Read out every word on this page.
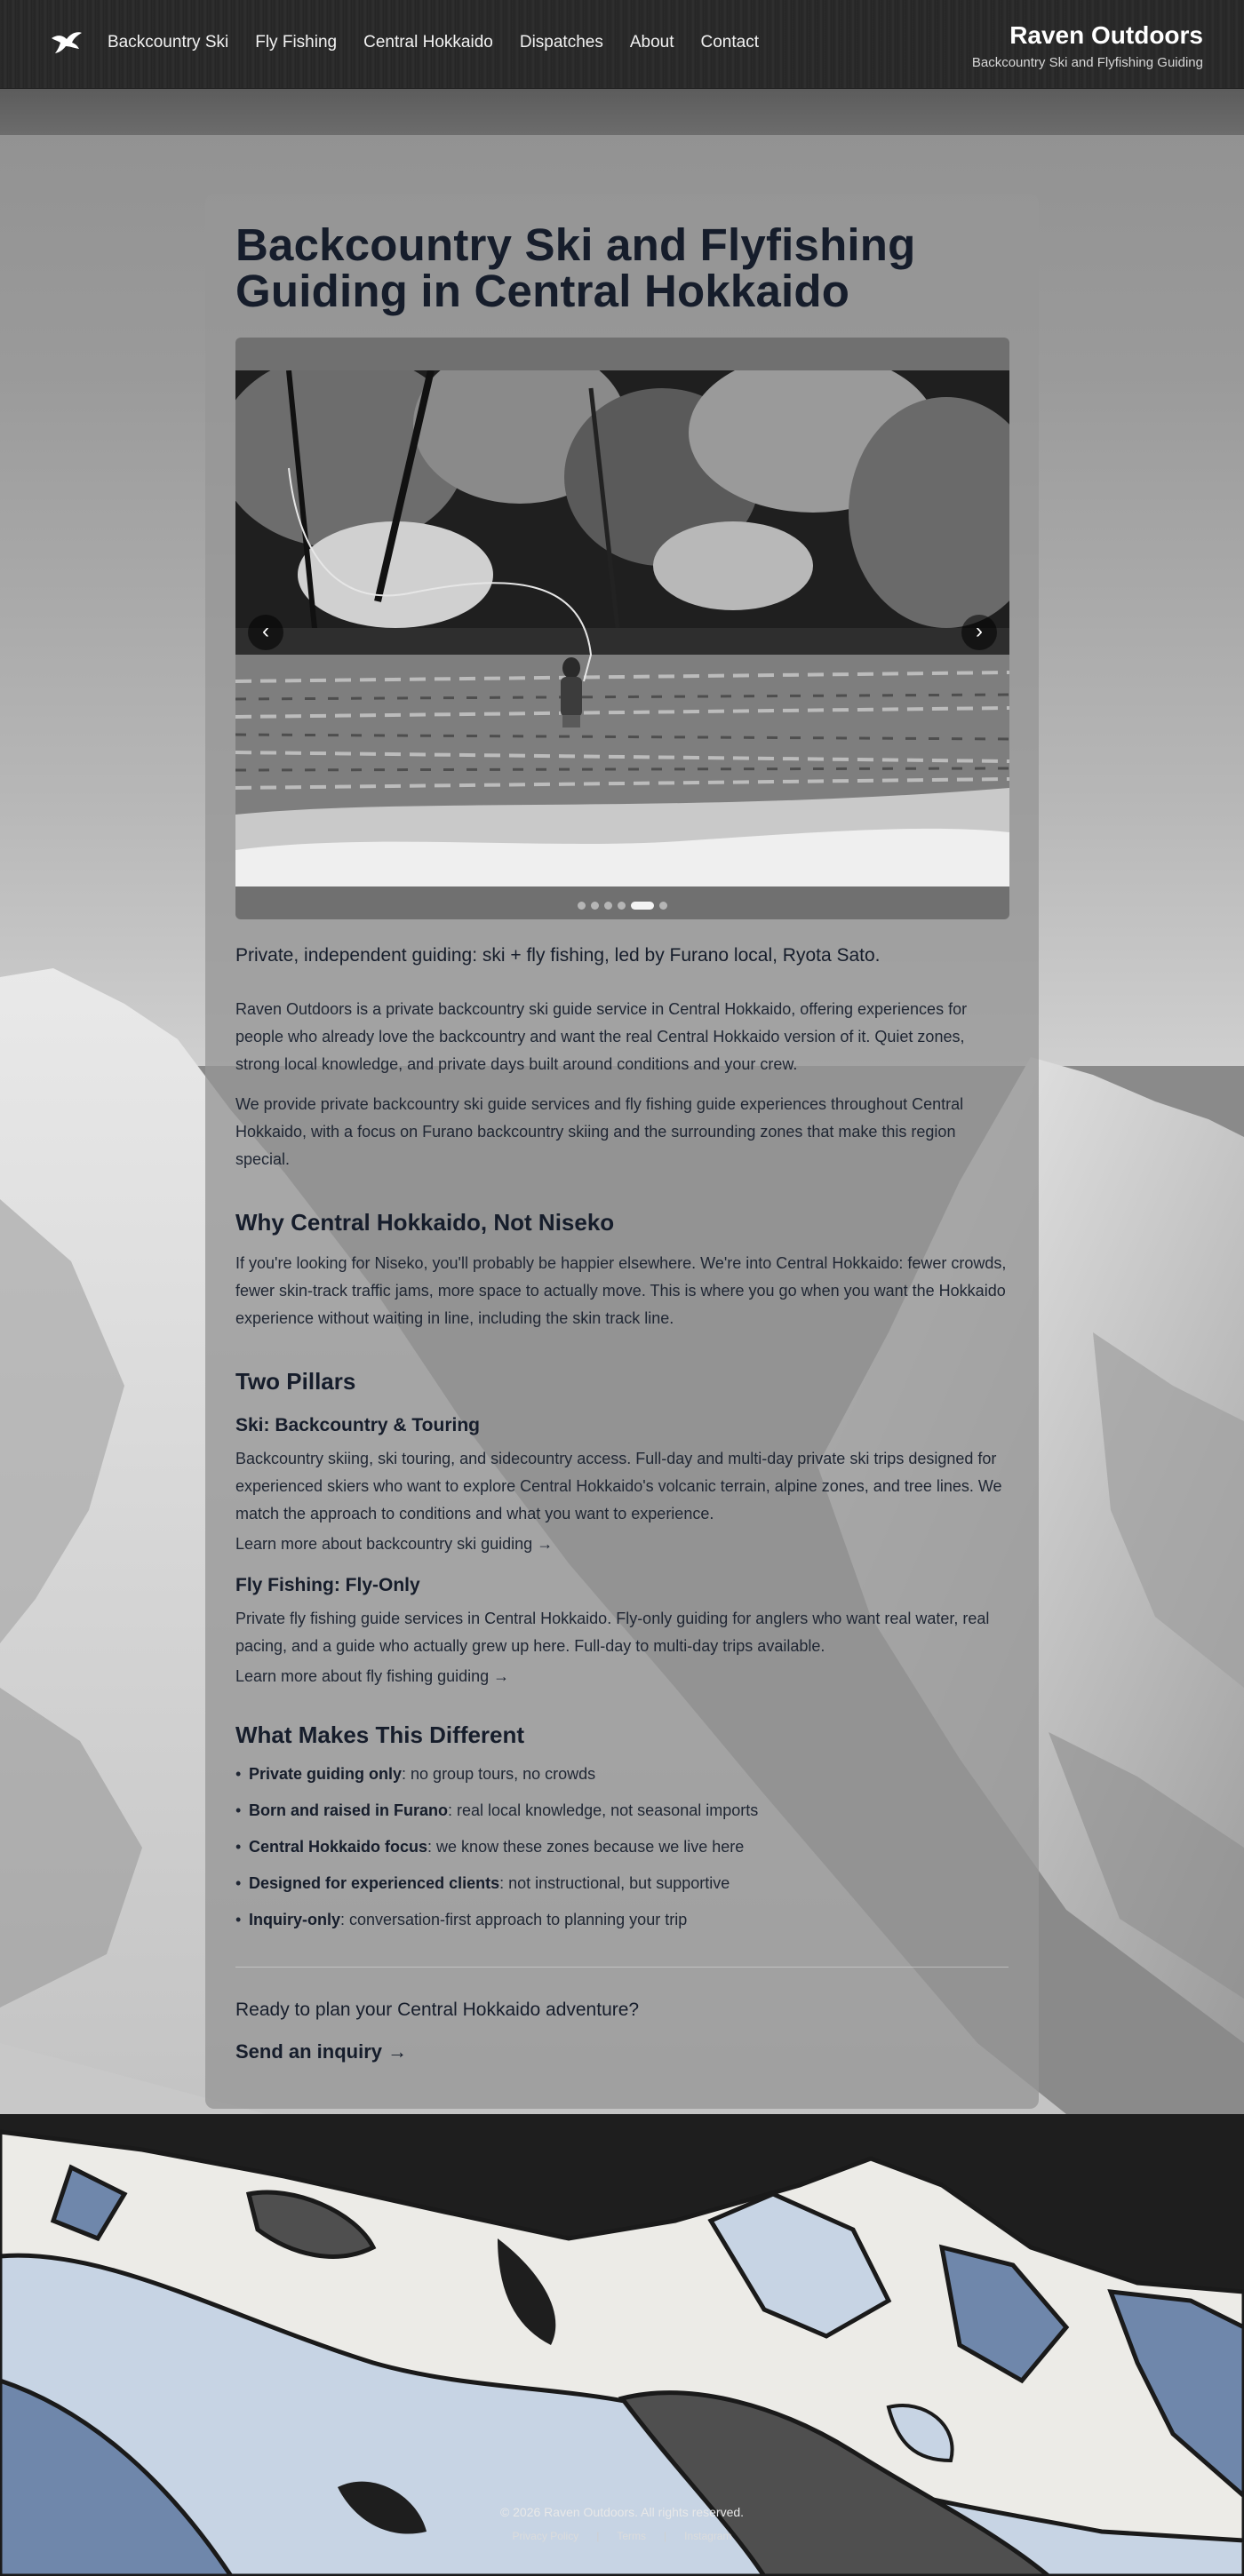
Backcountry Ski Fly Fishing Central Hokkaido Dispatches About Contact	Raven Outdoors
Backcountry Ski and Flyfishing Guiding
Backcountry Ski and Flyfishing Guiding in Central Hokkaido
‹	›

Private, independent guiding: ski + fly fishing, led by Furano local, Ryota Sato.

Raven Outdoors is a private backcountry ski guide service in Central Hokkaido, offering experiences for people who already love the backcountry and want the real Central Hokkaido version of it. Quiet zones, strong local knowledge, and private days built around conditions and your crew.

We provide private backcountry ski guide services and fly fishing guide experiences throughout Central Hokkaido, with a focus on Furano backcountry skiing and the surrounding zones that make this region special.

Why Central Hokkaido, Not Niseko

If you're looking for Niseko, you'll probably be happier elsewhere. We're into Central Hokkaido: fewer crowds, fewer skin-track traffic jams, more space to actually move. This is where you go when you want the Hokkaido experience without waiting in line, including the skin track line.

Two Pillars
Ski: Backcountry & Touring

Backcountry skiing, ski touring, and sidecountry access. Full-day and multi-day private ski trips designed for experienced skiers who want to explore Central Hokkaido's volcanic terrain, alpine zones, and tree lines. We match the approach to conditions and what you want to experience.

Learn more about backcountry ski guiding →
Fly Fishing: Fly-Only

Private fly fishing guide services in Central Hokkaido. Fly-only guiding for anglers who want real water, real pacing, and a guide who actually grew up here. Full-day to multi-day trips available.

Learn more about fly fishing guiding →
What Makes This Different
• Private guiding only: no group tours, no crowds
• Born and raised in Furano: real local knowledge, not seasonal imports
• Central Hokkaido focus: we know these zones because we live here
• Designed for experienced clients: not instructional, but supportive
• Inquiry-only: conversation-first approach to planning your trip

Ready to plan your Central Hokkaido adventure?

Send an inquiry →
© 2026 Raven Outdoors. All rights reserved.
Privacy Policy | Terms | Instagram
